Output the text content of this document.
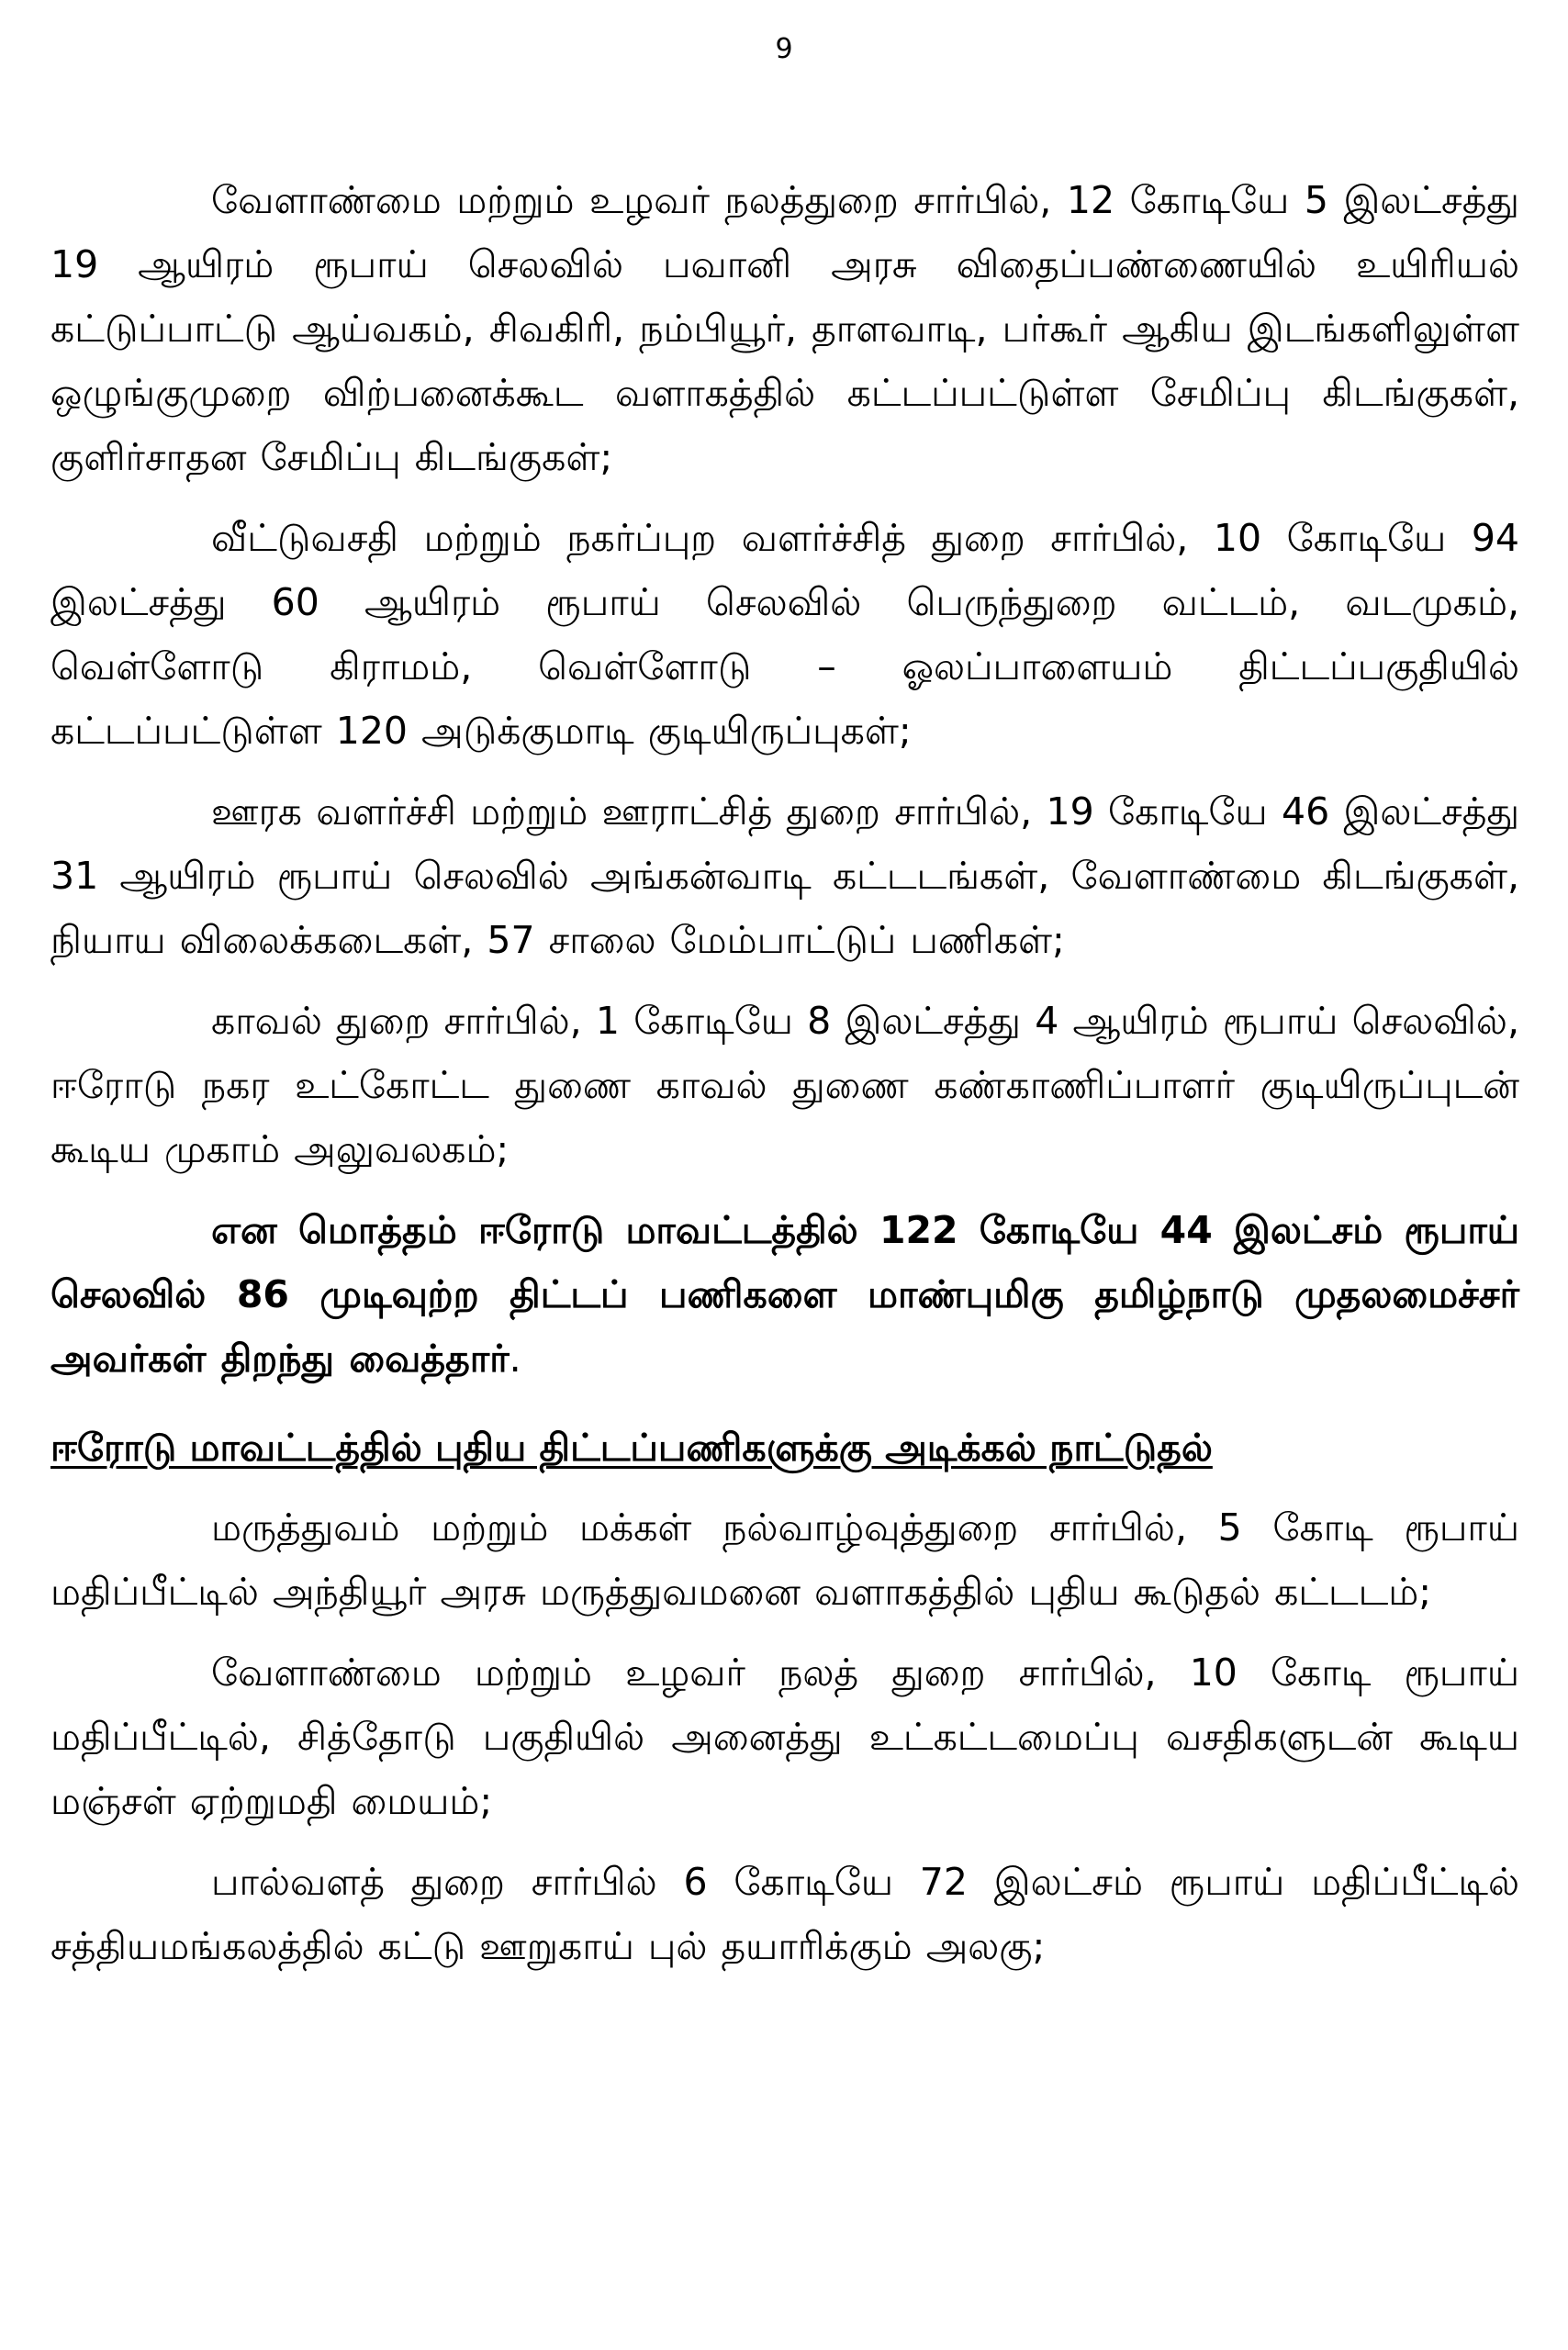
9

வேளாண்மை மற்றும் உழவர் நலத்துறை சார்பில், 12 கோடியே 5 இலட்சத்து 19 ஆயிரம் ரூபாய் செலவில் பவானி அரசு விதைப்பண்ணையில் உயிரியல் கட்டுப்பாட்டு ஆய்வகம், சிவகிரி, நம்பியூர், தாளவாடி, பர்கூர் ஆகிய இடங்களிலுள்ள ஒழுங்குமுறை விற்பனைக்கூட வளாகத்தில் கட்டப்பட்டுள்ள சேமிப்பு கிடங்குகள், குளிர்சாதன சேமிப்பு கிடங்குகள்;

வீட்டுவசதி மற்றும் நகர்ப்புற வளர்ச்சித் துறை சார்பில், 10 கோடியே 94 இலட்சத்து 60 ஆயிரம் ரூபாய் செலவில் பெருந்துறை வட்டம், வடமுகம், வெள்ளோடு கிராமம், வெள்ளோடு – ஓலப்பாளையம் திட்டப்பகுதியில் கட்டப்பட்டுள்ள 120 அடுக்குமாடி குடியிருப்புகள்;

ஊரக வளர்ச்சி மற்றும் ஊராட்சித் துறை சார்பில், 19 கோடியே 46 இலட்சத்து 31 ஆயிரம் ரூபாய் செலவில் அங்கன்வாடி கட்டடங்கள், வேளாண்மை கிடங்குகள், நியாய விலைக்கடைகள், 57 சாலை மேம்பாட்டுப் பணிகள்;

காவல் துறை சார்பில், 1 கோடியே 8 இலட்சத்து 4 ஆயிரம் ரூபாய் செலவில், ஈரோடு நகர உட்கோட்ட துணை காவல் துணை கண்காணிப்பாளர் குடியிருப்புடன் கூடிய முகாம் அலுவலகம்;

என மொத்தம் ஈரோடு மாவட்டத்தில் 122 கோடியே 44 இலட்சம் ரூபாய் செலவில் 86 முடிவுற்ற திட்டப் பணிகளை மாண்புமிகு தமிழ்நாடு முதலமைச்சர் அவர்கள் திறந்து வைத்தார்.

ஈரோடு மாவட்டத்தில் புதிய திட்டப்பணிகளுக்கு அடிக்கல் நாட்டுதல்

மருத்துவம் மற்றும் மக்கள் நல்வாழ்வுத்துறை சார்பில், 5 கோடி ரூபாய் மதிப்பீட்டில் அந்தியூர் அரசு மருத்துவமனை வளாகத்தில் புதிய கூடுதல் கட்டடம்;

வேளாண்மை மற்றும் உழவர் நலத் துறை சார்பில், 10 கோடி ரூபாய் மதிப்பீட்டில், சித்தோடு பகுதியில் அனைத்து உட்கட்டமைப்பு வசதிகளுடன் கூடிய மஞ்சள் ஏற்றுமதி மையம்;

பால்வளத் துறை சார்பில் 6 கோடியே 72 இலட்சம் ரூபாய் மதிப்பீட்டில் சத்தியமங்கலத்தில் கட்டு ஊறுகாய் புல் தயாரிக்கும் அலகு;
